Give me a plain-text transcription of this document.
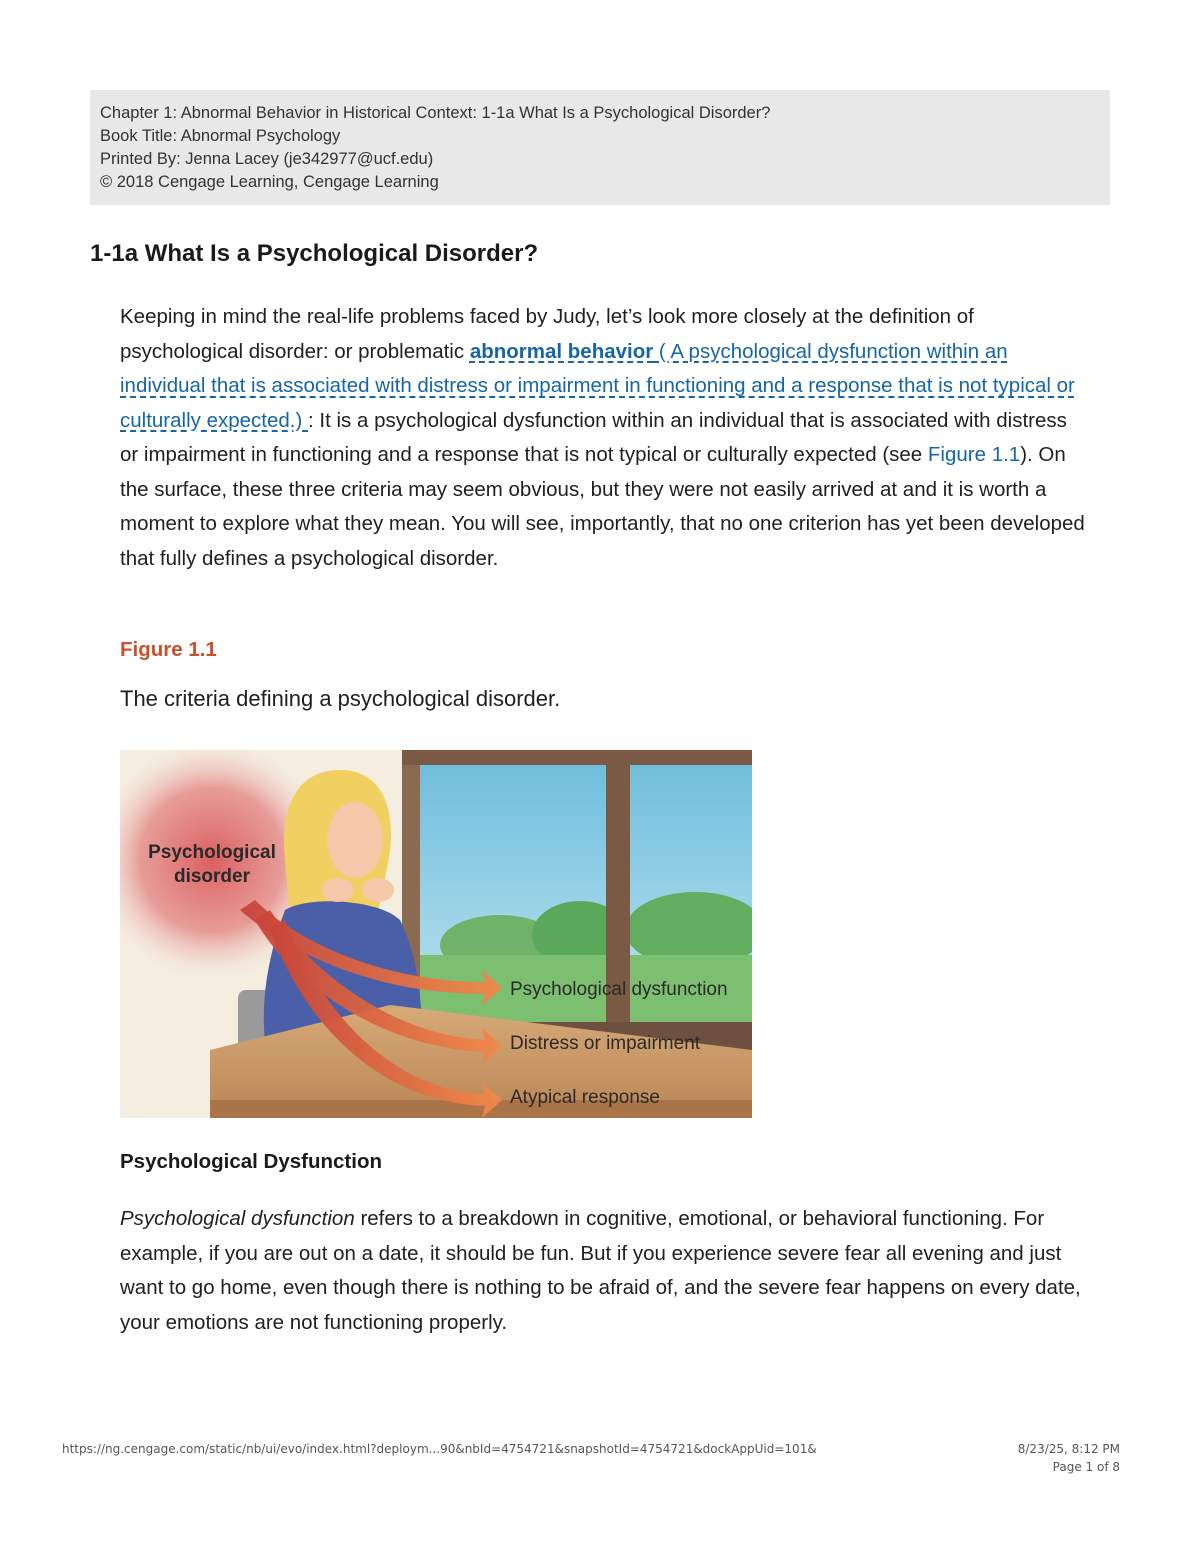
Chapter 1: Abnormal Behavior in Historical Context: 1-1a What Is a Psychological Disorder?
Book Title: Abnormal Psychology
Printed By: Jenna Lacey (je342977@ucf.edu)
© 2018 Cengage Learning, Cengage Learning
1-1a What Is a Psychological Disorder?

Keeping in mind the real-life problems faced by Judy, let’s look more closely at the definition of psychological disorder: or problematic abnormal behavior ( A psychological dysfunction within an individual that is associated with distress or impairment in functioning and a response that is not typical or culturally expected.) : It is a psychological dysfunction within an individual that is associated with distress or impairment in functioning and a response that is not typical or culturally expected (see Figure 1.1). On the surface, these three criteria may seem obvious, but they were not easily arrived at and it is worth a moment to explore what they mean. You will see, importantly, that no one criterion has yet been developed that fully defines a psychological disorder.

Figure 1.1
The criteria defining a psychological disorder.
Psychological
disorder
Psychological dysfunction
Distress or impairment
Atypical response
Psychological Dysfunction

Psychological dysfunction refers to a breakdown in cognitive, emotional, or behavioral functioning. For example, if you are out on a date, it should be fun. But if you experience severe fear all evening and just want to go home, even though there is nothing to be afraid of, and the severe fear happens on every date, your emotions are not functioning properly.

https://ng.cengage.com/static/nb/ui/evo/index.html?deploym...90&nbId=4754721&snapshotId=4754721&dockAppUid=101&	8/23/25, 8:12 PM
Page 1 of 8
